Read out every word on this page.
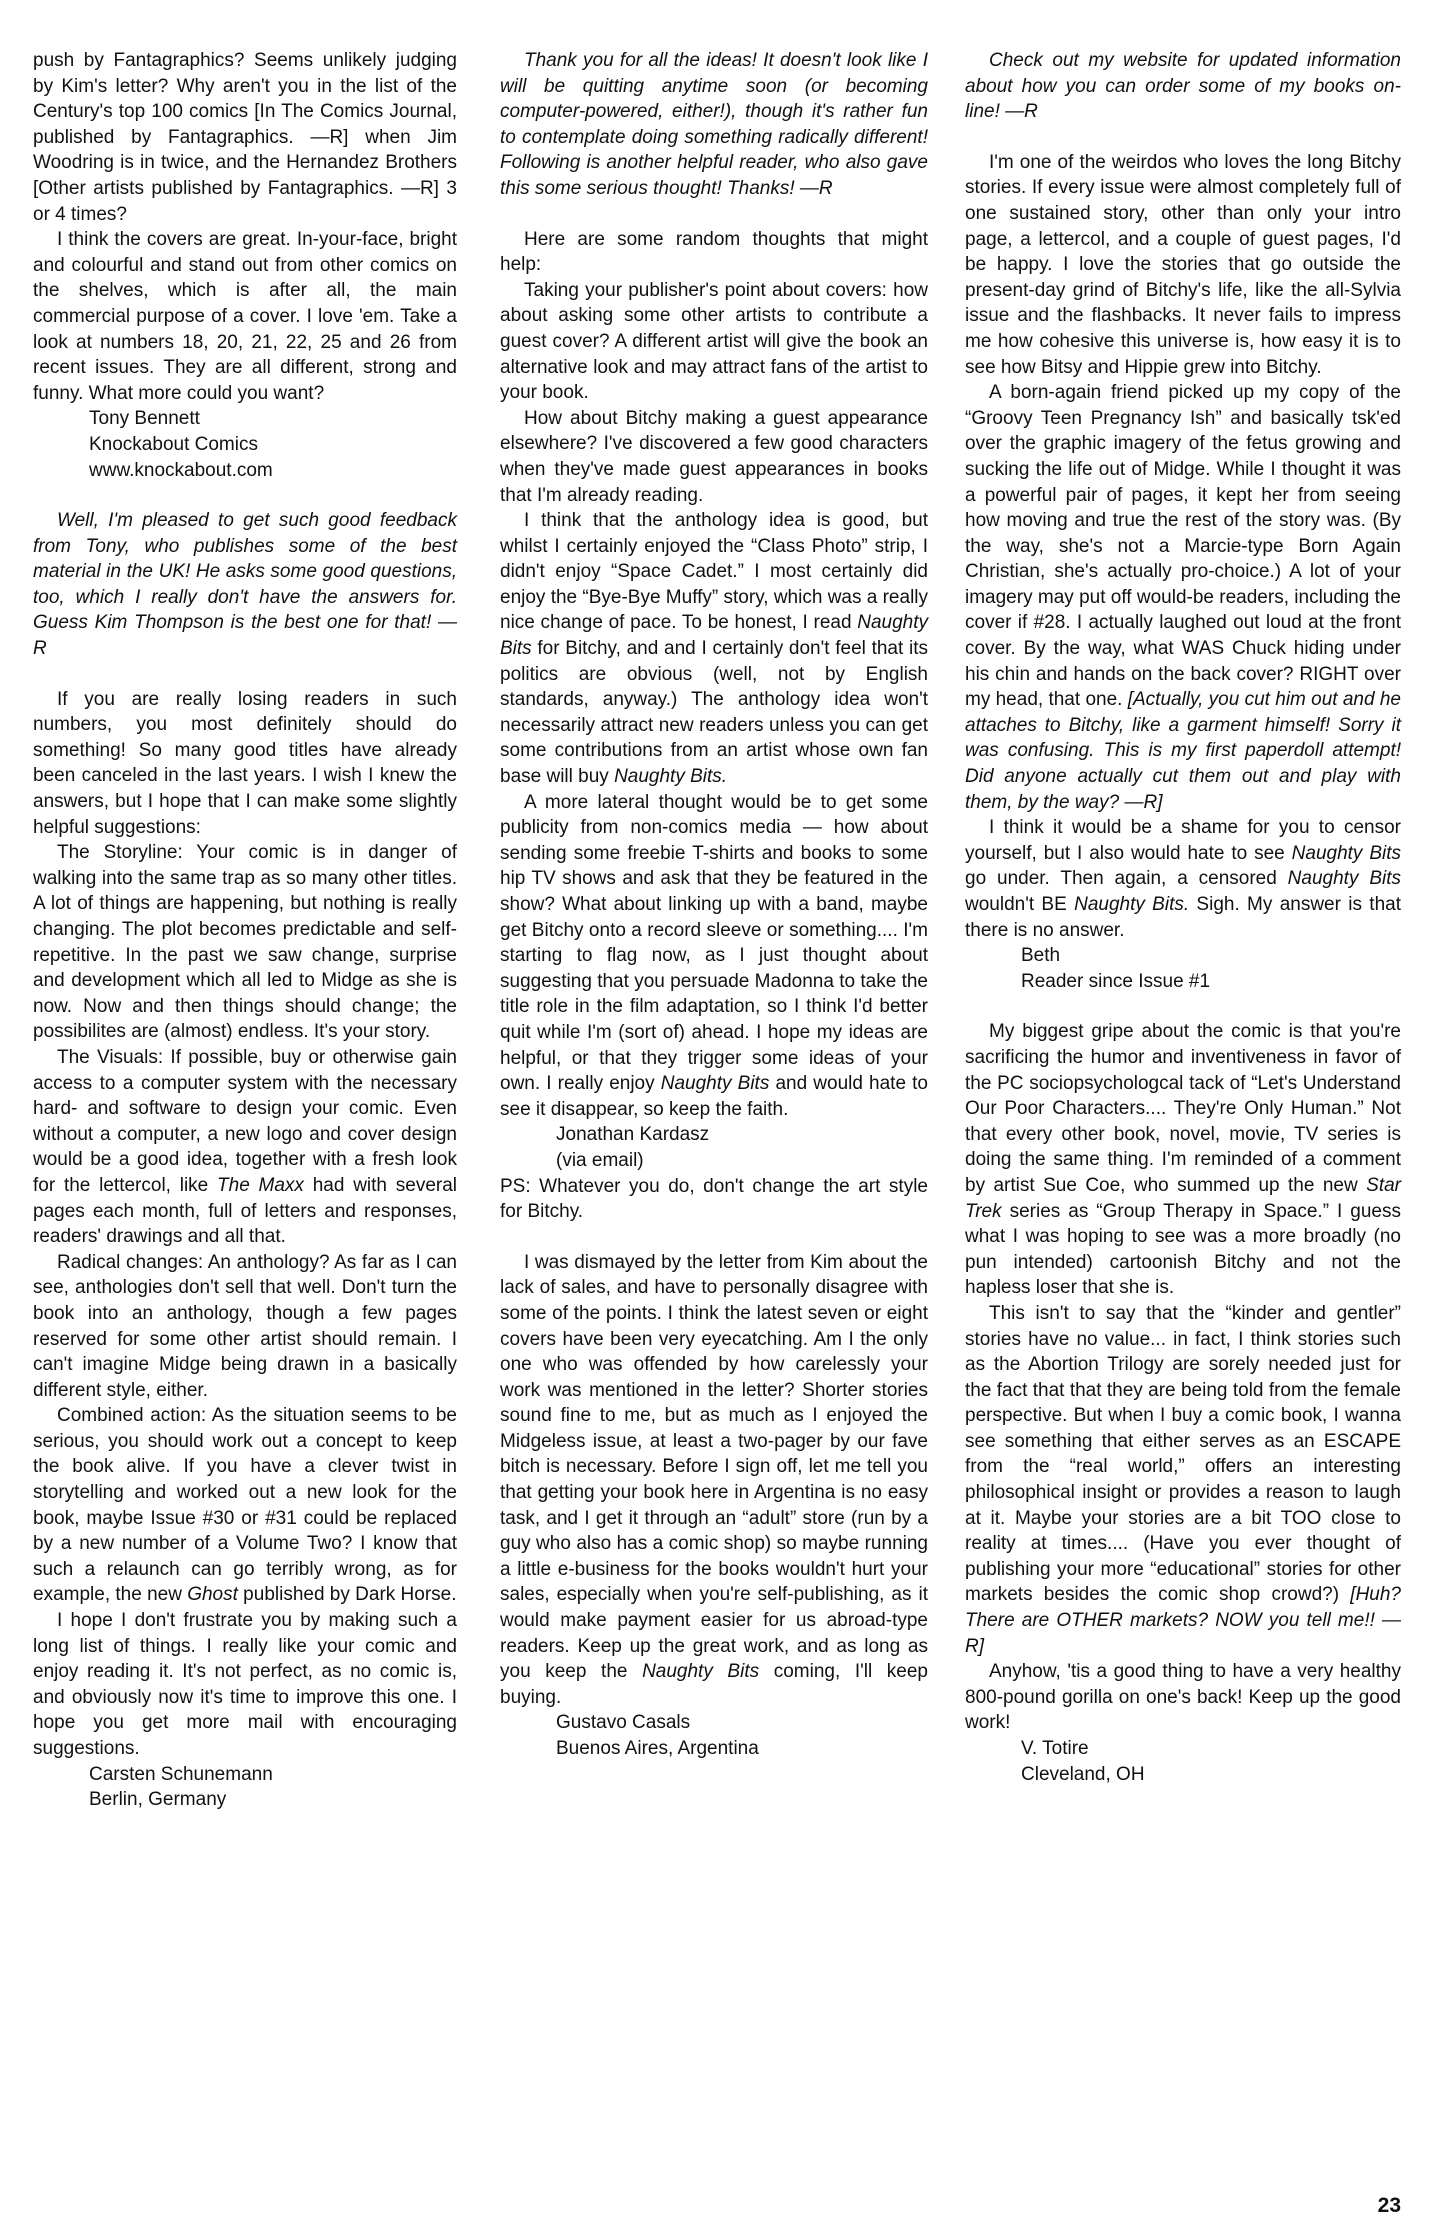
push by Fantagraphics? Seems unlikely judging by Kim's letter? Why aren't you in the list of the Century's top 100 comics [In The Comics Journal, published by Fantagraphics. —R] when Jim Woodring is in twice, and the Hernandez Brothers [Other artists published by Fantagraphics. —R] 3 or 4 times?

I think the covers are great. In-your-face, bright and colourful and stand out from other comics on the shelves, which is after all, the main commercial purpose of a cover. I love 'em. Take a look at numbers 18, 20, 21, 22, 25 and 26 from recent issues. They are all different, strong and funny. What more could you want?

Tony Bennett

Knockabout Comics

www.knockabout.com

Well, I'm pleased to get such good feedback from Tony, who publishes some of the best material in the UK! He asks some good questions, too, which I really don't have the answers for. Guess Kim Thompson is the best one for that! —R

If you are really losing readers in such numbers, you most definitely should do something! So many good titles have already been canceled in the last years. I wish I knew the answers, but I hope that I can make some slightly helpful suggestions:

The Storyline: Your comic is in danger of walking into the same trap as so many other titles. A lot of things are happening, but nothing is really changing. The plot becomes predictable and self-repetitive. In the past we saw change, surprise and development which all led to Midge as she is now. Now and then things should change; the possibilites are (almost) endless. It's your story.

The Visuals: If possible, buy or otherwise gain access to a computer system with the necessary hard- and software to design your comic. Even without a computer, a new logo and cover design would be a good idea, together with a fresh look for the lettercol, like The Maxx had with several pages each month, full of letters and responses, readers' drawings and all that.

Radical changes: An anthology? As far as I can see, anthologies don't sell that well. Don't turn the book into an anthology, though a few pages reserved for some other artist should remain. I can't imagine Midge being drawn in a basically different style, either.

Combined action: As the situation seems to be serious, you should work out a concept to keep the book alive. If you have a clever twist in storytelling and worked out a new look for the book, maybe Issue #30 or #31 could be replaced by a new number of a Volume Two? I know that such a relaunch can go terribly wrong, as for example, the new Ghost published by Dark Horse.

I hope I don't frustrate you by making such a long list of things. I really like your comic and enjoy reading it. It's not perfect, as no comic is, and obviously now it's time to improve this one. I hope you get more mail with encouraging suggestions.

Carsten Schunemann

Berlin, Germany

Thank you for all the ideas! It doesn't look like I will be quitting anytime soon (or becoming computer-powered, either!), though it's rather fun to contemplate doing something radically different! Following is another helpful reader, who also gave this some serious thought! Thanks! —R

Here are some random thoughts that might help:

Taking your publisher's point about covers: how about asking some other artists to contribute a guest cover? A different artist will give the book an alternative look and may attract fans of the artist to your book.

How about Bitchy making a guest appearance elsewhere? I've discovered a few good characters when they've made guest appearances in books that I'm already reading.

I think that the anthology idea is good, but whilst I certainly enjoyed the “Class Photo” strip, I didn't enjoy “Space Cadet.” I most certainly did enjoy the “Bye-Bye Muffy” story, which was a really nice change of pace. To be honest, I read Naughty Bits for Bitchy, and and I certainly don't feel that its politics are obvious (well, not by English standards, anyway.) The anthology idea won't necessarily attract new readers unless you can get some contributions from an artist whose own fan base will buy Naughty Bits.

A more lateral thought would be to get some publicity from non-comics media — how about sending some freebie T-shirts and books to some hip TV shows and ask that they be featured in the show? What about linking up with a band, maybe get Bitchy onto a record sleeve or something.... I'm starting to flag now, as I just thought about suggesting that you persuade Madonna to take the title role in the film adaptation, so I think I'd better quit while I'm (sort of) ahead. I hope my ideas are helpful, or that they trigger some ideas of your own. I really enjoy Naughty Bits and would hate to see it disappear, so keep the faith.

Jonathan Kardasz

(via email)

PS: Whatever you do, don't change the art style for Bitchy.

I was dismayed by the letter from Kim about the lack of sales, and have to personally disagree with some of the points. I think the latest seven or eight covers have been very eyecatching. Am I the only one who was offended by how carelessly your work was mentioned in the letter? Shorter stories sound fine to me, but as much as I enjoyed the Midgeless issue, at least a two-pager by our fave bitch is necessary. Before I sign off, let me tell you that getting your book here in Argentina is no easy task, and I get it through an “adult” store (run by a guy who also has a comic shop) so maybe running a little e-business for the books wouldn't hurt your sales, especially when you're self-publishing, as it would make payment easier for us abroad-type readers. Keep up the great work, and as long as you keep the Naughty Bits coming, I'll keep buying.

Gustavo Casals

Buenos Aires, Argentina

Check out my website for updated information about how you can order some of my books on-line! —R

I'm one of the weirdos who loves the long Bitchy stories. If every issue were almost completely full of one sustained story, other than only your intro page, a lettercol, and a couple of guest pages, I'd be happy. I love the stories that go outside the present-day grind of Bitchy's life, like the all-Sylvia issue and the flashbacks. It never fails to impress me how cohesive this universe is, how easy it is to see how Bitsy and Hippie grew into Bitchy.

A born-again friend picked up my copy of the “Groovy Teen Pregnancy Ish” and basically tsk'ed over the graphic imagery of the fetus growing and sucking the life out of Midge. While I thought it was a powerful pair of pages, it kept her from seeing how moving and true the rest of the story was. (By the way, she's not a Marcie-type Born Again Christian, she's actually pro-choice.) A lot of your imagery may put off would-be readers, including the cover if #28. I actually laughed out loud at the front cover. By the way, what WAS Chuck hiding under his chin and hands on the back cover? RIGHT over my head, that one. [Actually, you cut him out and he attaches to Bitchy, like a garment himself! Sorry it was confusing. This is my first paperdoll attempt! Did anyone actually cut them out and play with them, by the way? —R]

I think it would be a shame for you to censor yourself, but I also would hate to see Naughty Bits go under. Then again, a censored Naughty Bits wouldn't BE Naughty Bits. Sigh. My answer is that there is no answer.

Beth

Reader since Issue #1

My biggest gripe about the comic is that you're sacrificing the humor and inventiveness in favor of the PC sociopsychologcal tack of “Let's Understand Our Poor Characters.... They're Only Human.” Not that every other book, novel, movie, TV series is doing the same thing. I'm reminded of a comment by artist Sue Coe, who summed up the new Star Trek series as “Group Therapy in Space.” I guess what I was hoping to see was a more broadly (no pun intended) cartoonish Bitchy and not the hapless loser that she is.

This isn't to say that the “kinder and gentler” stories have no value... in fact, I think stories such as the Abortion Trilogy are sorely needed just for the fact that that they are being told from the female perspective. But when I buy a comic book, I wanna see something that either serves as an ESCAPE from the “real world,” offers an interesting philosophical insight or provides a reason to laugh at it. Maybe your stories are a bit TOO close to reality at times.... (Have you ever thought of publishing your more “educational” stories for other markets besides the comic shop crowd?) [Huh? There are OTHER markets? NOW you tell me!! —R]

Anyhow, 'tis a good thing to have a very healthy 800-pound gorilla on one's back! Keep up the good work!

V. Totire

Cleveland, OH

23
